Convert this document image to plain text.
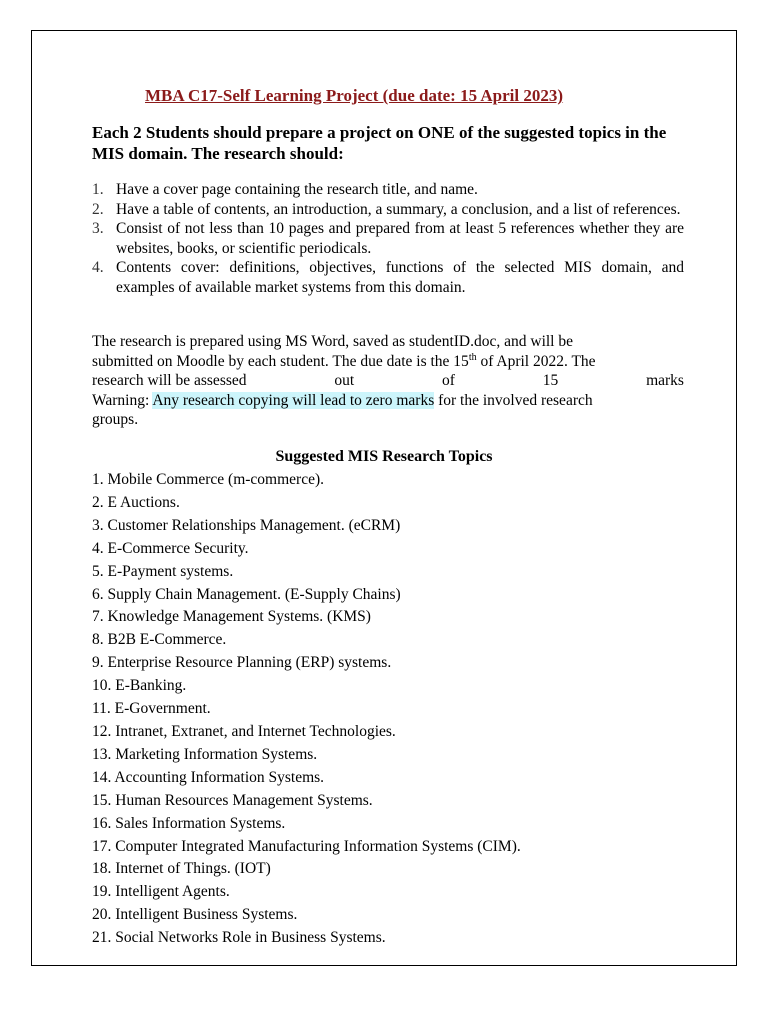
MBA C17-Self Learning Project (due date: 15 April 2023)
Each 2 Students should prepare a project on ONE of the suggested topics in the MIS domain. The research should:
1. Have a cover page containing the research title, and name.
2. Have a table of contents, an introduction, a summary, a conclusion, and a list of references.
3. Consist of not less than 10 pages and prepared from at least 5 references whether they are websites, books, or scientific periodicals.
4. Contents cover: definitions, objectives, functions of the selected MIS domain, and examples of available market systems from this domain.
The research is prepared using MS Word, saved as studentID.doc, and will be
submitted on Moodle by each student. The due date is the 15th of April 2022. The
research will be assessed	out	of	15	marks
Warning: Any research copying will lead to zero marks for the involved research
groups.
Suggested MIS Research Topics
1. Mobile Commerce (m-commerce).
2. E Auctions.
3. Customer Relationships Management. (eCRM)
4. E-Commerce Security.
5. E-Payment systems.
6. Supply Chain Management. (E-Supply Chains)
7. Knowledge Management Systems. (KMS)
8. B2B E-Commerce.
9. Enterprise Resource Planning (ERP) systems.
10. E-Banking.
11. E-Government.
12. Intranet, Extranet, and Internet Technologies.
13. Marketing Information Systems.
14. Accounting Information Systems.
15. Human Resources Management Systems.
16. Sales Information Systems.
17. Computer Integrated Manufacturing Information Systems (CIM).
18. Internet of Things. (IOT)
19. Intelligent Agents.
20. Intelligent Business Systems.
21. Social Networks Role in Business Systems.
